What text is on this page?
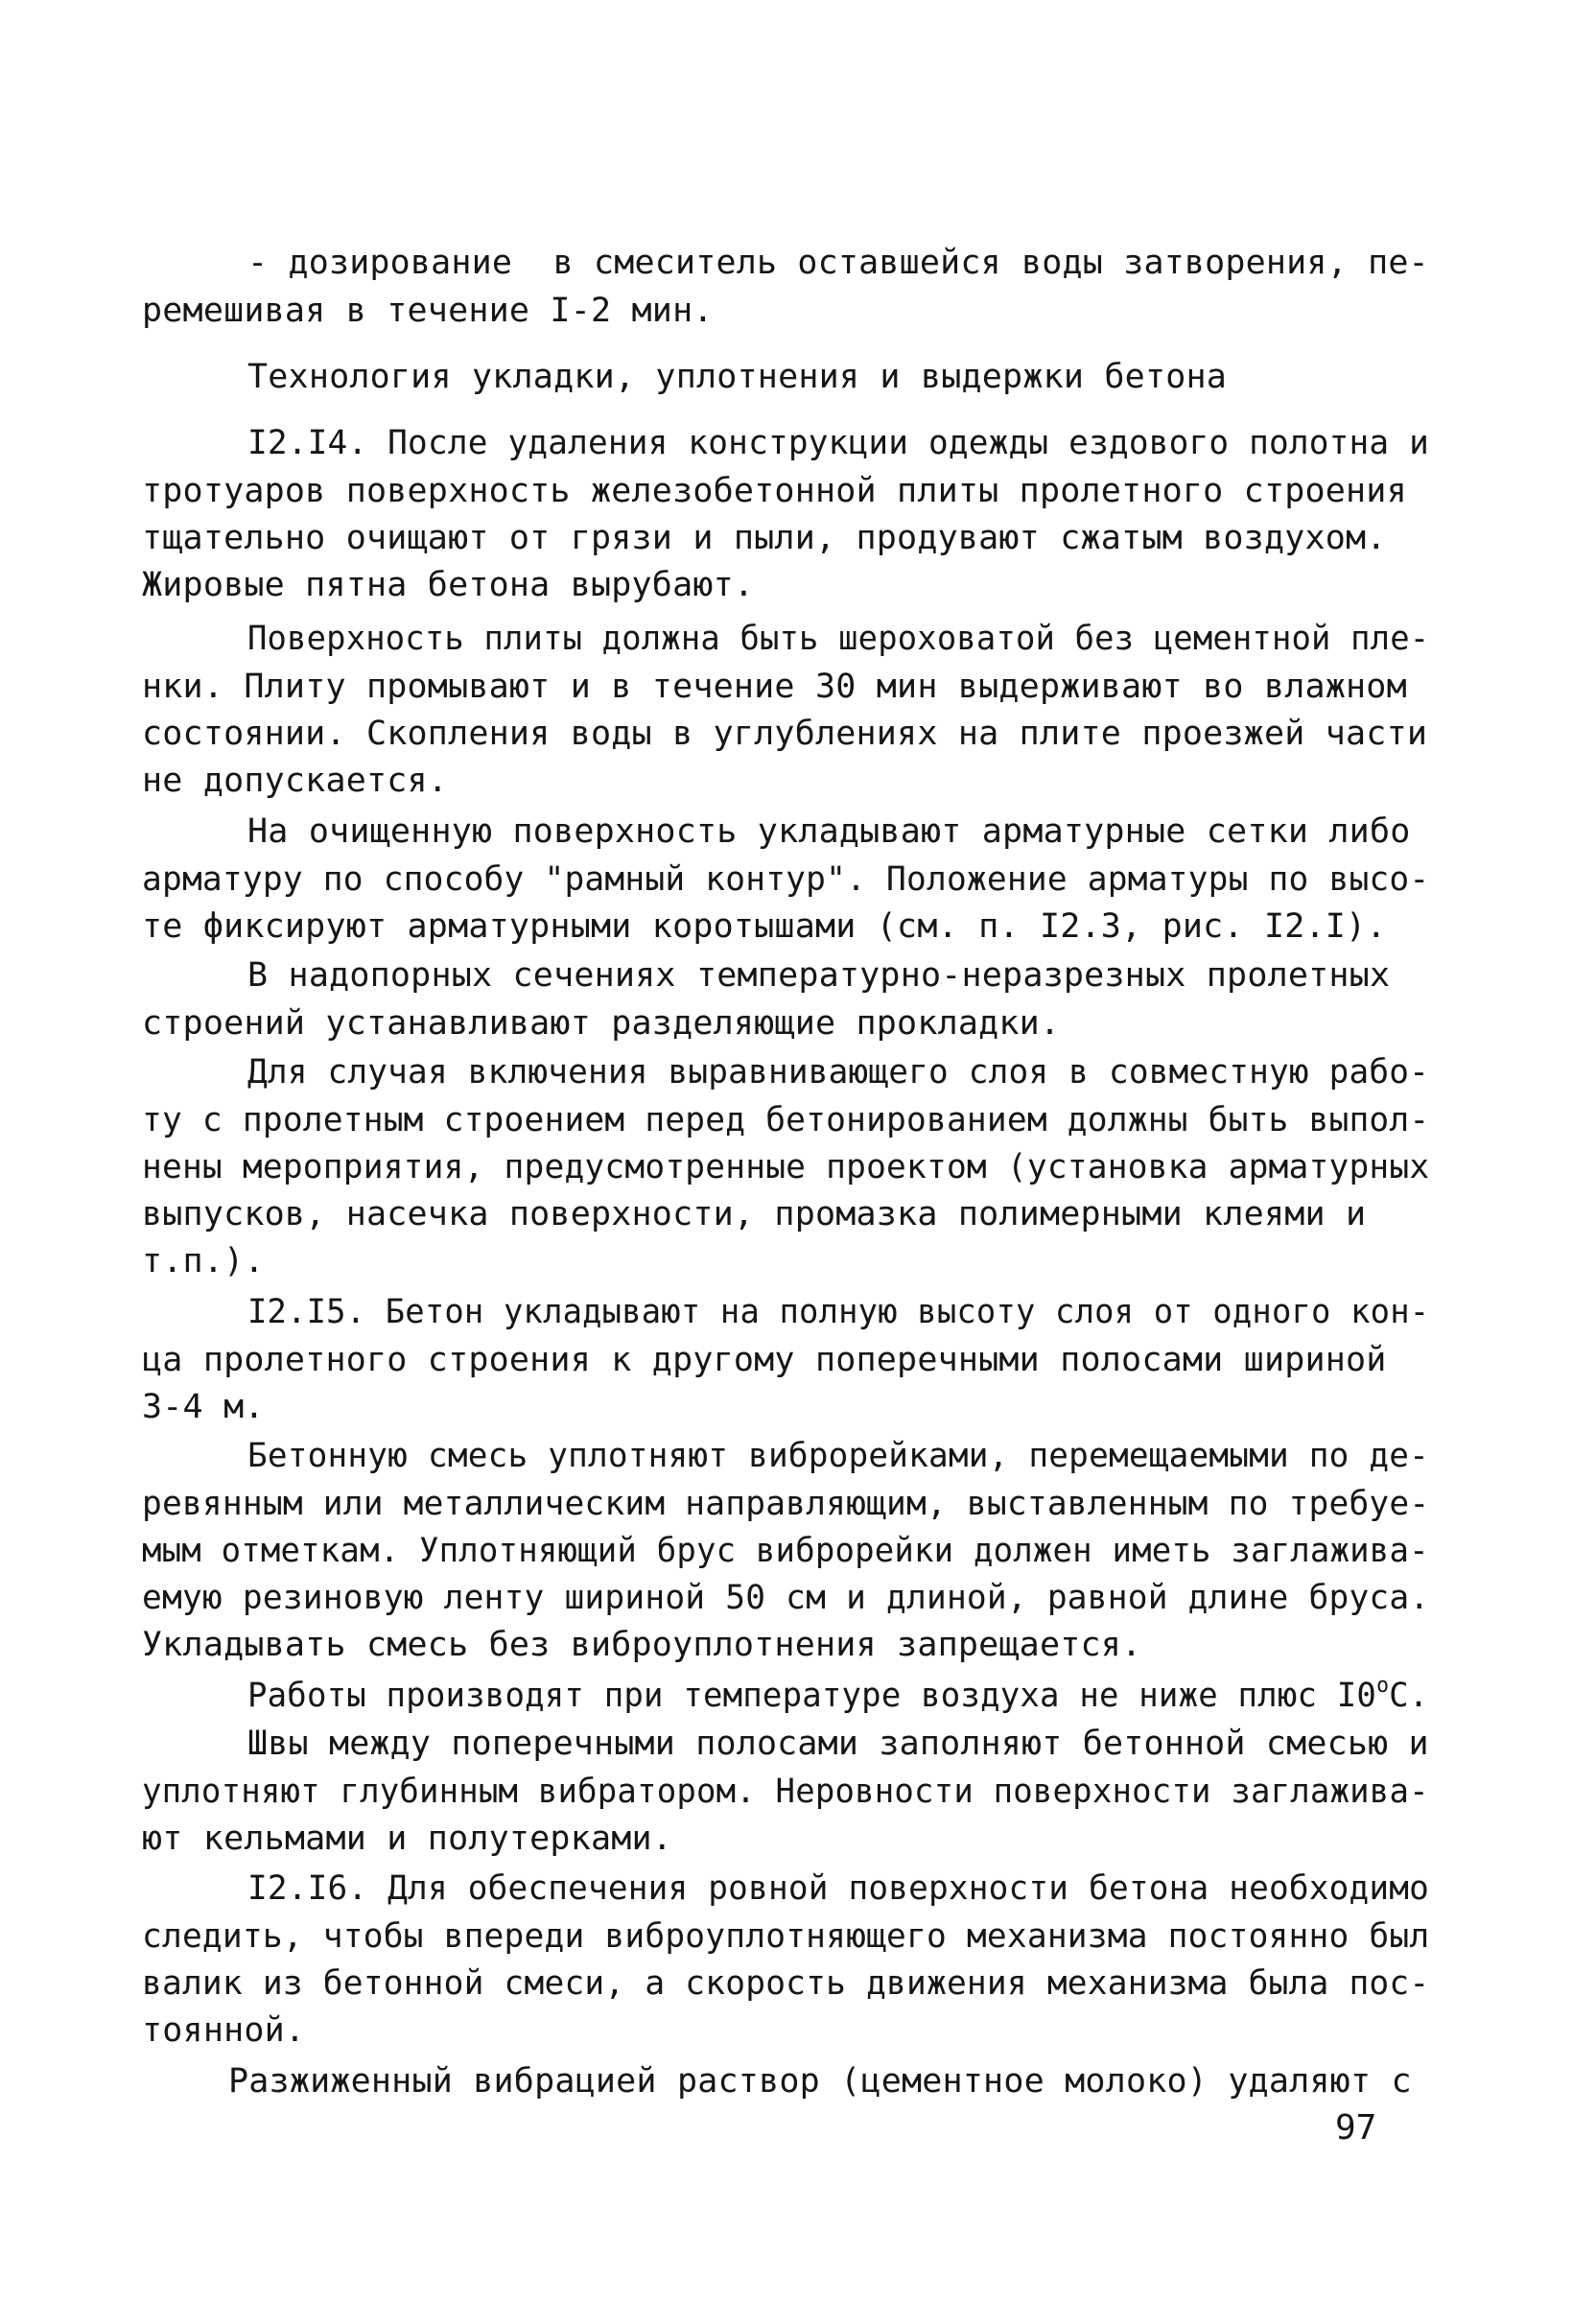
- дозирование  в смеситель оставшейся воды затворения, пе-
ремешивая в течение I-2 мин.
Технология укладки, уплотнения и выдержки бетона
I2.I4. После удаления конструкции одежды ездового полотна и
тротуаров поверхность железобетонной плиты пролетного строения
тщательно очищают от грязи и пыли, продувают сжатым воздухом.
Жировые пятна бетона вырубают.
Поверхность плиты должна быть шероховатой без цементной пле-
нки. Плиту промывают и в течение 30 мин выдерживают во влажном
состоянии. Скопления воды в углублениях на плите проезжей части
не допускается.
На очищенную поверхность укладывают арматурные сетки либо
арматуру по способу "рамный контур". Положение арматуры по высо-
те фиксируют арматурными коротышами (см. п. I2.3, рис. I2.I).
В надопорных сечениях температурно-неразрезных пролетных
строений устанавливают разделяющие прокладки.
Для случая включения выравнивающего слоя в совместную рабо-
ту с пролетным строением перед бетонированием должны быть выпол-
нены мероприятия, предусмотренные проектом (установка арматурных
выпусков, насечка поверхности, промазка полимерными клеями и
т.п.).
I2.I5. Бетон укладывают на полную высоту слоя от одного кон-
ца пролетного строения к другому поперечными полосами шириной
3-4 м.
Бетонную смесь уплотняют виброрейками, перемещаемыми по де-
ревянным или металлическим направляющим, выставленным по требуе-
мым отметкам. Уплотняющий брус виброрейки должен иметь заглажива-
емую резиновую ленту шириной 50 см и длиной, равной длине бруса.
Укладывать смесь без виброуплотнения запрещается.
Работы производят при температуре воздуха не ниже плюс I0$^o$C.
Швы между поперечными полосами заполняют бетонной смесью и
уплотняют глубинным вибратором. Неровности поверхности заглажива-
ют кельмами и полутерками.
I2.I6. Для обеспечения ровной поверхности бетона необходимо
следить, чтобы впереди виброуплотняющего механизма постоянно был
валик из бетонной смеси, а скорость движения механизма была пос-
тоянной.
Разжиженный вибрацией раствор (цементное молоко) удаляют с
97
